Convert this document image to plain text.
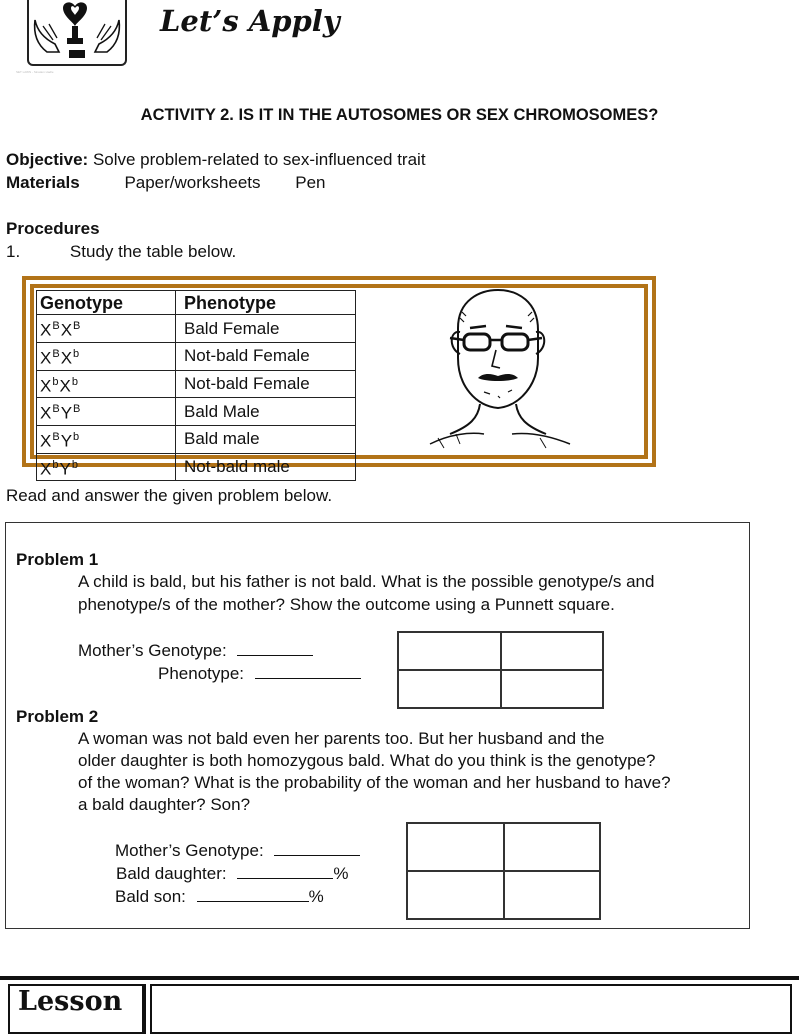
SET LAWN - Sinatam Hadle
Let’s Apply
ACTIVITY 2. IS IT IN THE AUTOSOMES OR SEX CHROMOSOMES?
Objective: Solve problem-related to sex-influenced trait
Materials	Paper/worksheets Pen
Procedures
1.	Study the table below.
Genotype	Phenotype
$X^BX^B$	Bald Female
$X^BX^b$	Not-bald Female
$X^bX^b$	Not-bald Female
$X^BY^B$	Bald Male
$X^BY^b$	Bald male
$X^bY^b$	Not-bald male
Read and answer the given problem below.
Problem 1
A child is bald, but his father is not bald. What is the possible genotype/s and
phenotype/s of the mother? Show the outcome using a Punnett square.
Mother’s Genotype:
Phenotype:
Problem 2
A woman was not bald even her parents too. But her husband and the
older daughter is both homozygous bald. What do you think is the genotype?
of the woman? What is the probability of the woman and her husband to have?
a bald daughter? Son?
Mother’s Genotype:
Bald daughter:	%
Bald son:	%
Lesson
